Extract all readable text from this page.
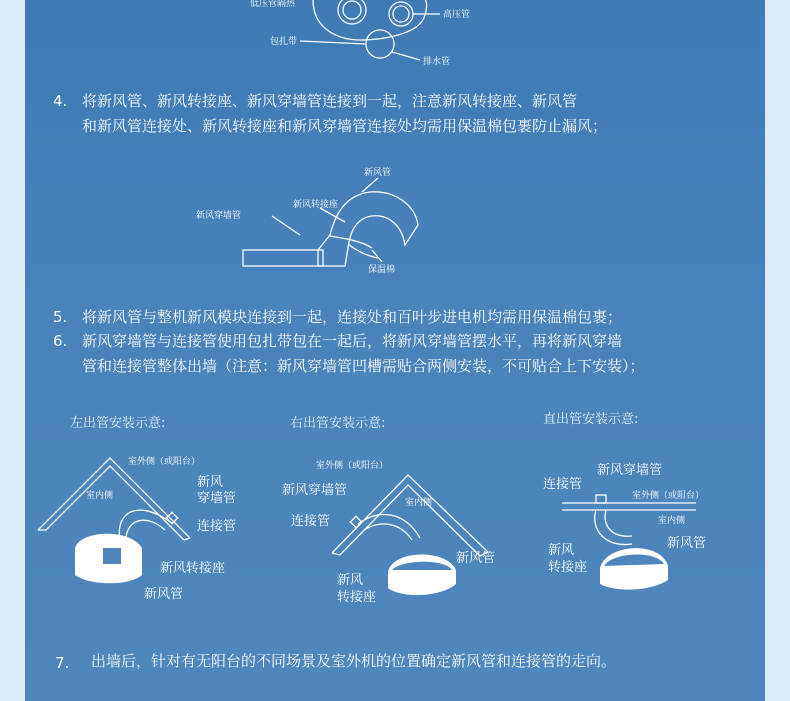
低压管隔热
高压管
包扎带
排水管
新风管
新风转接座
新风穿墙管
保温棉
室外侧（或阳台）
室内侧
新风
穿墙管
连接管
新风转接座
新风管
室外侧（或阳台）
新风穿墙管
室内侧
连接管
新风管
新风
转接座
新风穿墙管
连接管
室外侧（或阳台）
室内侧
新风管
新风
转接座
4. 将新风管、新风转接座、新风穿墙管连接到一起，注意新风转接座、新风管
和新风管连接处、新风转接座和新风穿墙管连接处均需用保温棉包裹防止漏风；
5. 将新风管与整机新风模块连接到一起，连接处和百叶步进电机均需用保温棉包裹；
6. 新风穿墙管与连接管使用包扎带包在一起后，将新风穿墙管摆水平，再将新风穿墙
管和连接管整体出墙（注意：新风穿墙管凹槽需贴合两侧安装，不可贴合上下安装）；
左出管安装示意:	右出管安装示意:	直出管安装示意:
7. 出墙后，针对有无阳台的不同场景及室外机的位置确定新风管和连接管的走向。
